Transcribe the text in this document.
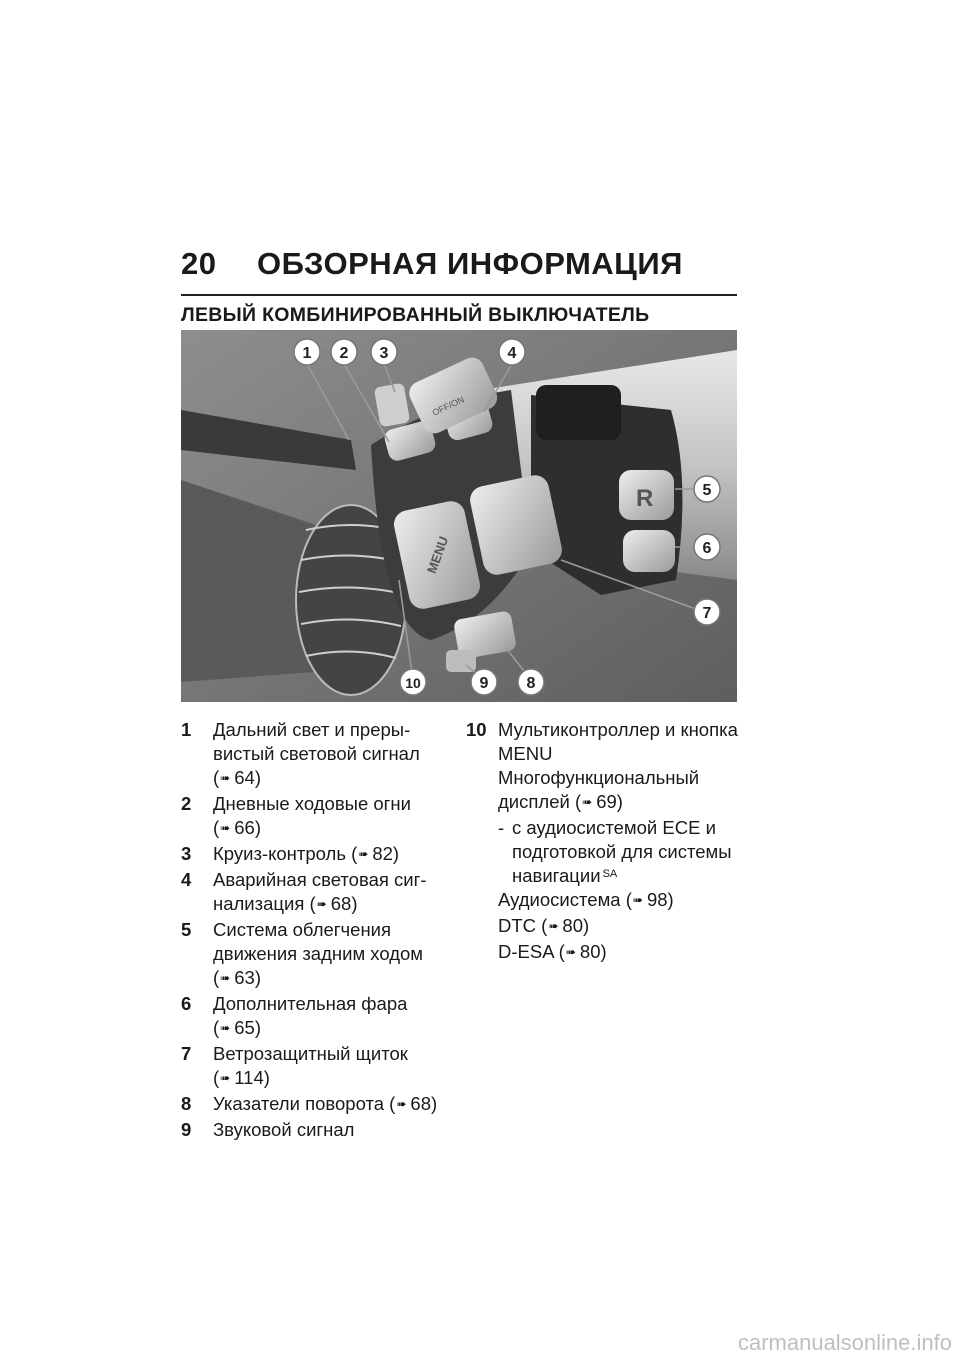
20	ОБЗОРНАЯ ИНФОРМАЦИЯ
ЛЕВЫЙ КОМБИНИРОВАННЫЙ ВЫКЛЮЧАТЕЛЬ
OFF/ON
MENU
R
1 2 3	4
5
6
7
8
9
10
1	Дальний свет и преры- вистый световой сигнал (➠ 64)
2	Дневные ходовые огни (➠ 66)
3	Круиз-контроль (➠ 82)
4	Аварийная световая сиг- нализация (➠ 68)
5	Система облегчения движения задним ходом (➠ 63)
6	Дополнительная фара (➠ 65)
7	Ветрозащитный щиток (➠ 114)
8	Указатели поворота (➠ 68)
9	Звуковой сигнал
10 Мультиконтроллер и кнопка MENU
Многофункциональный дисплей (➠ 69)
- с аудиосистемой ECE и подготовкой для системы навигации $^{SA}$
Аудиосистема (➠ 98)
DTC (➠ 80)
D-ESA (➠ 80)
carmanualsonline.info
